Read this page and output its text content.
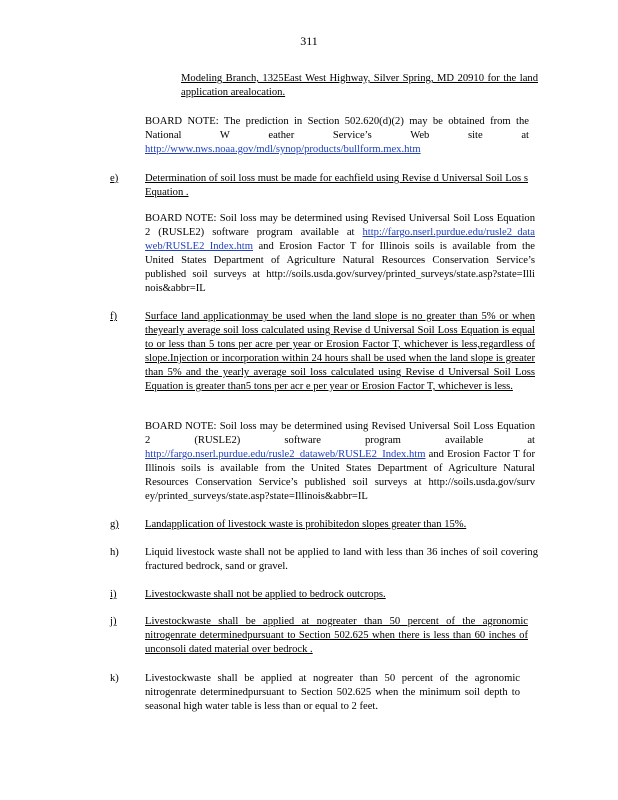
311
Modeling Branch, 1325East West Highway, Silver Spring, MD 20910 for the land application arealocation.
BOARD NOTE: The prediction in Section 502.620(d)(2) may be obtained from the National W eather Service’s Web site at http://www.nws.noaa.gov/mdl/synop/products/bullform.mex.htm
e)	Determination of soil loss must be made for eachfield using Revise d Universal Soil Los s Equation .
BOARD NOTE: Soil loss may be determined using Revised Universal Soil Loss Equation 2 (RUSLE2) software program available at http://fargo.nserl.purdue.edu/rusle2_data web/RUSLE2_Index.htm and Erosion Factor T for Illinois soils is available from the United States Department of Agriculture Natural Resources Conservation Service’s published soil surveys at http://soils.usda.gov/survey/printed_surveys/state.asp?state=Illi nois&abbr=IL
f)	Surface land applicationmay be used when the land slope is no greater than 5% or when theyearly average soil loss calculated using Revise d Universal Soil Loss Equation is equal to or less than 5 tons per acre per year or Erosion Factor T, whichever is less,regardless of slope.Injection or incorporation within 24 hours shall be used when the land slope is greater than 5% and the yearly average soil loss calculated using Revise d Universal Soil Loss Equation is greater than5 tons per acr e per year or Erosion Factor T, whichever is less.
BOARD NOTE: Soil loss may be determined using Revised Universal Soil Loss Equation 2 (RUSLE2) software program available at http://fargo.nserl.purdue.edu/rusle2_dataweb/RUSLE2_Index.htm and Erosion Factor T for Illinois soils is available from the United States Department of Agriculture Natural Resources Conservation Service’s published soil surveys at http://soils.usda.gov/surv ey/printed_surveys/state.asp?state=Illinois&abbr=IL
g) Landapplication of livestock waste is prohibitedon slopes greater than 15%.
h) Liquid livestock waste shall not be applied to land with less than 36 inches of soil covering fractured bedrock, sand or gravel.
i)	Livestockwaste shall not be applied to bedrock outcrops.
j)	Livestockwaste shall be applied at nogreater than 50 percent of the agronomic nitrogenrate determinedpursuant to Section 502.625 when there is less than 60 inches of unconsoli dated material over bedrock .
k) Livestockwaste shall be applied at nogreater than 50 percent of the agronomic nitrogenrate determinedpursuant to Section 502.625 when the minimum soil depth to seasonal high water table is less than or equal to 2 feet.
